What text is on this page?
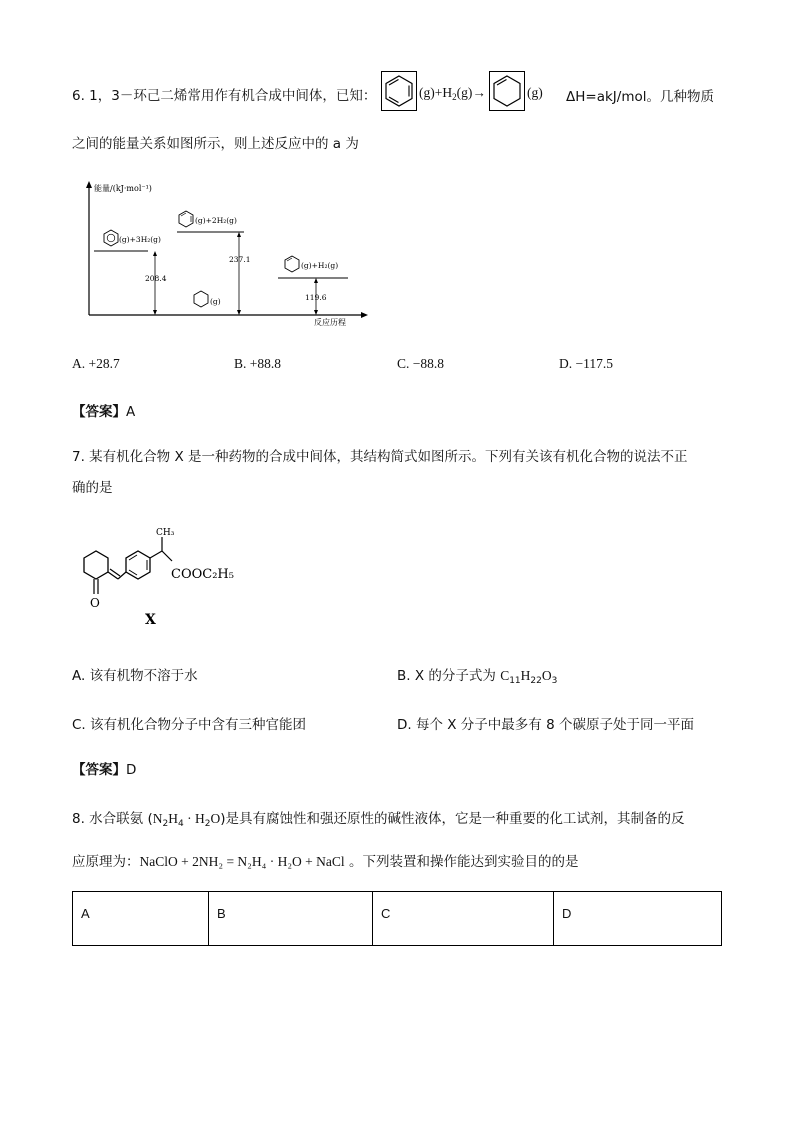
6. 1，3－环己二烯常用作有机合成中间体，已知：	$(g)+H_2(g)\to$	(g) ΔH=akJ/mol。几种物质
之间的能量关系如图所示，则上述反应中的 a 为
能量/(kJ·mol⁻¹)
反应历程
(g)+3H₂(g)
(g)+2H₂(g)
(g)+H₂(g)
(g)
208.4
237.1
119.6
A. +28.7	B. +88.8	C. −88.8	D. −117.5
【答案】A
7. 某有机化合物 X 是一种药物的合成中间体，其结构简式如图所示。下列有关该有机化合物的说法不正
确的是
O
CH₃
COOC₂H₅
X
A. 该有机物不溶于水	B. X 的分子式为 $C_{11}H_{22}O_3$
C. 该有机化合物分子中含有三种官能团	D. 每个 X 分子中最多有 8 个碳原子处于同一平面
【答案】D
8. 水合联氨 $(N_2H_4 \cdot H_2O)$是具有腐蚀性和强还原性的碱性液体，它是一种重要的化工试剂，其制备的反
应原理为：NaClO + 2NH₂ = N₂H₄ · H₂O + NaCl 。下列装置和操作能达到实验目的的是
A	B	C	D
